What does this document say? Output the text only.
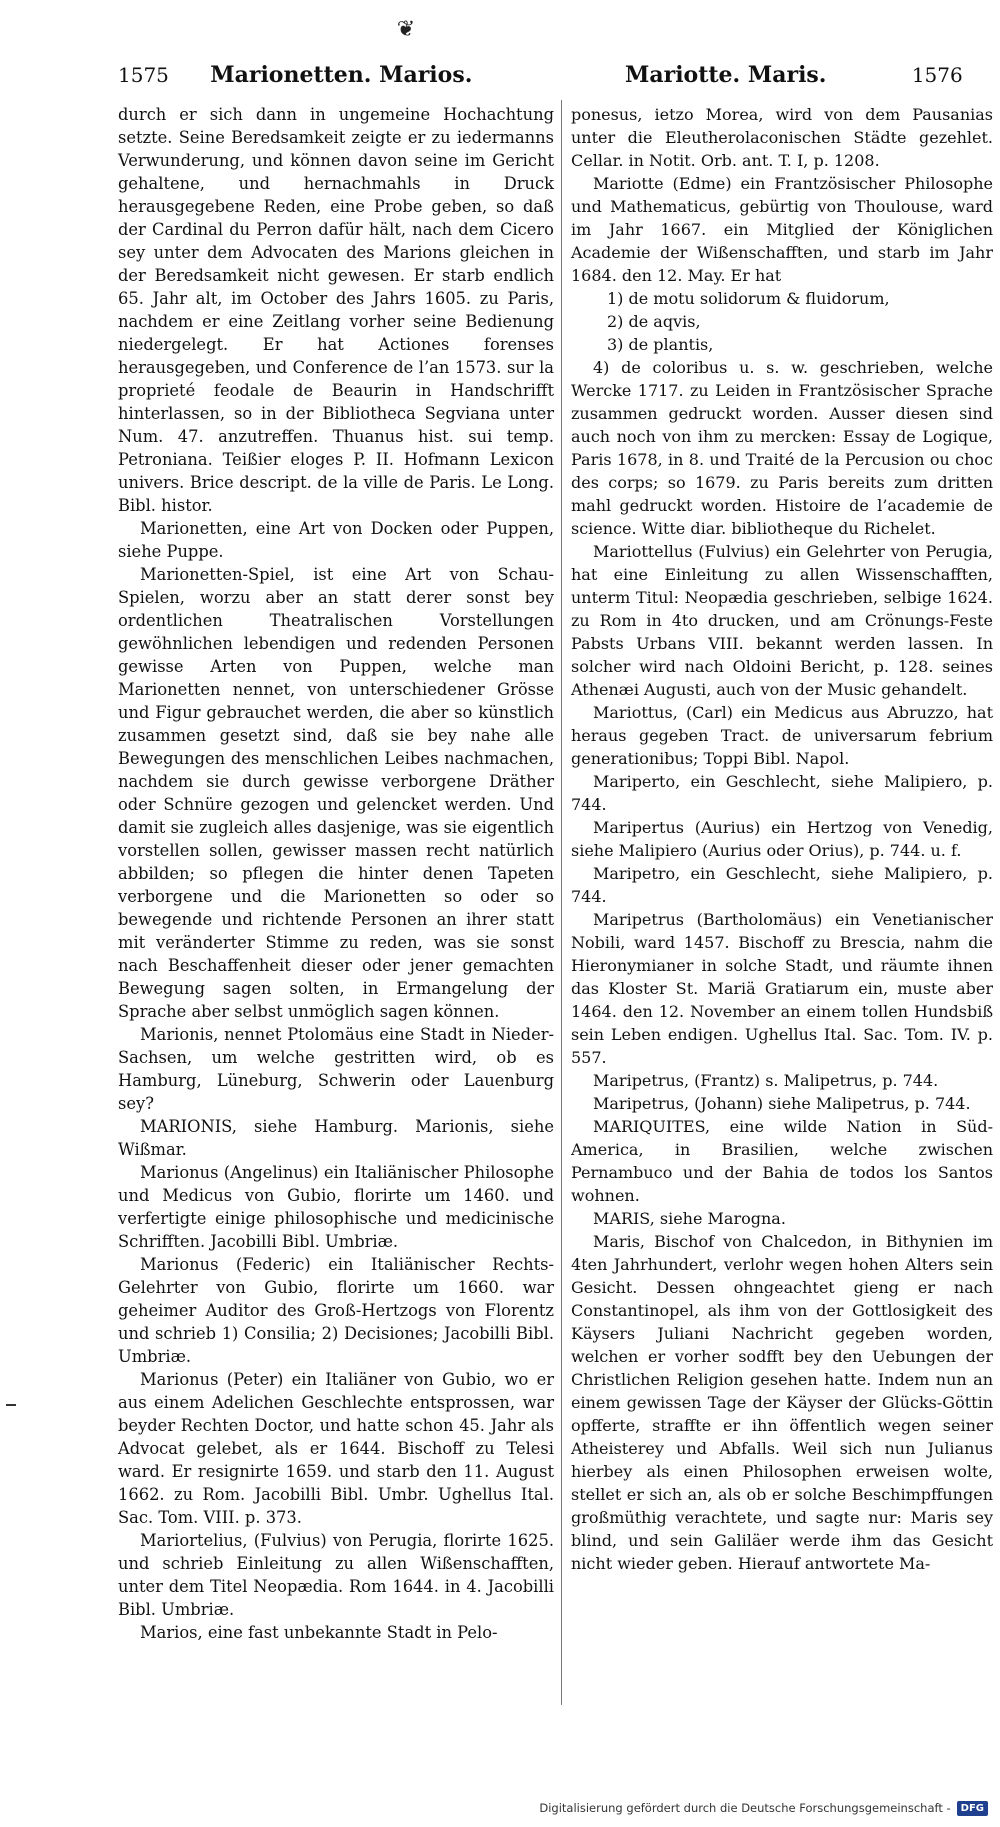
❦
1575 Marionetten. Marios.	Mariotte. Maris.	1576

durch er sich dann in ungemeine Hochachtung setzte. Seine Beredsamkeit zeigte er zu iedermanns Verwunderung, und können davon seine im Gericht gehaltene, und hernachmahls in Druck herausgegebene Reden, eine Probe geben, so daß der Cardinal du Perron dafür hält, nach dem Cicero sey unter dem Advocaten des Marions gleichen in der Beredsamkeit nicht gewesen. Er starb endlich 65. Jahr alt, im October des Jahrs 1605. zu Paris, nachdem er eine Zeitlang vorher seine Bedienung niedergelegt. Er hat Actiones forenses herausgegeben, und Conference de l’an 1573. sur la proprieté feodale de Beaurin in Handschrifft hinterlassen, so in der Bibliotheca Segviana unter Num. 47. anzutreffen. Thuanus hist. sui temp. Petroniana. Teißier eloges P. II. Hofmann Lexicon univers. Brice descript. de la ville de Paris. Le Long. Bibl. histor.

Marionetten, eine Art von Docken oder Puppen, siehe Puppe.

Marionetten-Spiel, ist eine Art von Schau-Spielen, worzu aber an statt derer sonst bey ordentlichen Theatralischen Vorstellungen gewöhnlichen lebendigen und redenden Personen gewisse Arten von Puppen, welche man Marionetten nennet, von unterschiedener Grösse und Figur gebrauchet werden, die aber so künstlich zusammen gesetzt sind, daß sie bey nahe alle Bewegungen des menschlichen Leibes nachmachen, nachdem sie durch gewisse verborgene Dräther oder Schnüre gezogen und gelencket werden. Und damit sie zugleich alles dasjenige, was sie eigentlich vorstellen sollen, gewisser massen recht natürlich abbilden; so pflegen die hinter denen Tapeten verborgene und die Marionetten so oder so bewegende und richtende Personen an ihrer statt mit veränderter Stimme zu reden, was sie sonst nach Beschaffenheit dieser oder jener gemachten Bewegung sagen solten, in Ermangelung der Sprache aber selbst unmöglich sagen können.

Marionis, nennet Ptolomäus eine Stadt in Nieder-Sachsen, um welche gestritten wird, ob es Hamburg, Lüneburg, Schwerin oder Lauenburg sey?

MARIONIS, siehe Hamburg. Marionis, siehe Wißmar.

Marionus (Angelinus) ein Italiänischer Philosophe und Medicus von Gubio, florirte um 1460. und verfertigte einige philosophische und medicinische Schrifften. Jacobilli Bibl. Umbriæ.

Marionus (Federic) ein Italiänischer Rechts-Gelehrter von Gubio, florirte um 1660. war geheimer Auditor des Groß-Hertzogs von Florentz und schrieb 1) Consilia; 2) Decisiones; Jacobilli Bibl. Umbriæ.

Marionus (Peter) ein Italiäner von Gubio, wo er aus einem Adelichen Geschlechte entsprossen, war beyder Rechten Doctor, und hatte schon 45. Jahr als Advocat gelebet, als er 1644. Bischoff zu Telesi ward. Er resignirte 1659. und starb den 11. August 1662. zu Rom. Jacobilli Bibl. Umbr. Ughellus Ital. Sac. Tom. VIII. p. 373.

Mariortelius, (Fulvius) von Perugia, florirte 1625. und schrieb Einleitung zu allen Wißenschafften, unter dem Titel Neopædia. Rom 1644. in 4. Jacobilli Bibl. Umbriæ.

Marios, eine fast unbekannte Stadt in Pelo-

ponesus, ietzo Morea, wird von dem Pausanias unter die Eleutherolaconischen Städte gezehlet. Cellar. in Notit. Orb. ant. T. I, p. 1208.

Mariotte (Edme) ein Frantzösischer Philosophe und Mathematicus, gebürtig von Thoulouse, ward im Jahr 1667. ein Mitglied der Königlichen Academie der Wißenschafften, und starb im Jahr 1684. den 12. May. Er hat

1) de motu solidorum & fluidorum,

2) de aqvis,

3) de plantis,

4) de coloribus u. s. w. geschrieben, welche Wercke 1717. zu Leiden in Frantzösischer Sprache zusammen gedruckt worden. Ausser diesen sind auch noch von ihm zu mercken: Essay de Logique, Paris 1678, in 8. und Traité de la Percusion ou choc des corps; so 1679. zu Paris bereits zum dritten mahl gedruckt worden. Histoire de l’academie de science. Witte diar. bibliotheque du Richelet.

Mariottellus (Fulvius) ein Gelehrter von Perugia, hat eine Einleitung zu allen Wissenschafften, unterm Titul: Neopædia geschrieben, selbige 1624. zu Rom in 4to drucken, und am Crönungs-Feste Pabsts Urbans VIII. bekannt werden lassen. In solcher wird nach Oldoini Bericht, p. 128. seines Athenæi Augusti, auch von der Music gehandelt.

Mariottus, (Carl) ein Medicus aus Abruzzo, hat heraus gegeben Tract. de universarum febrium generationibus; Toppi Bibl. Napol.

Mariperto, ein Geschlecht, siehe Malipiero, p. 744.

Maripertus (Aurius) ein Hertzog von Venedig, siehe Malipiero (Aurius oder Orius), p. 744. u. f.

Maripetro, ein Geschlecht, siehe Malipiero, p. 744.

Maripetrus (Bartholomäus) ein Venetianischer Nobili, ward 1457. Bischoff zu Brescia, nahm die Hieronymianer in solche Stadt, und räumte ihnen das Kloster St. Mariä Gratiarum ein, muste aber 1464. den 12. November an einem tollen Hundsbiß sein Leben endigen. Ughellus Ital. Sac. Tom. IV. p. 557.

Maripetrus, (Frantz) s. Malipetrus, p. 744.

Maripetrus, (Johann) siehe Malipetrus, p. 744.

MARIQUITES, eine wilde Nation in Süd-America, in Brasilien, welche zwischen Pernambuco und der Bahia de todos los Santos wohnen.

MARIS, siehe Marogna.

Maris, Bischof von Chalcedon, in Bithynien im 4ten Jahrhundert, verlohr wegen hohen Alters sein Gesicht. Dessen ohngeachtet gieng er nach Constantinopel, als ihm von der Gottlosigkeit des Käysers Juliani Nachricht gegeben worden, welchen er vorher sodfft bey den Uebungen der Christlichen Religion gesehen hatte. Indem nun an einem gewissen Tage der Käyser der Glücks-Göttin opfferte, straffte er ihn öffentlich wegen seiner Atheisterey und Abfalls. Weil sich nun Julianus hierbey als einen Philosophen erweisen wolte, stellet er sich an, als ob er solche Beschimpffungen großmüthig verachtete, und sagte nur: Maris sey blind, und sein Galiläer werde ihm das Gesicht nicht wieder geben. Hierauf antwortete Ma-

Digitalisierung gefördert durch die Deutsche Forschungsgemeinschaft -	DFG
